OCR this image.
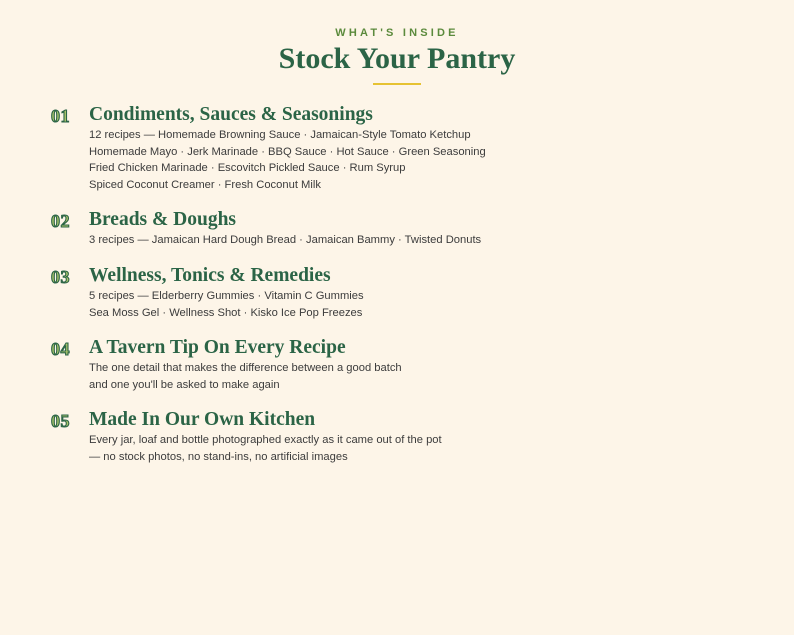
WHAT'S INSIDE
Stock Your Pantry
01 Condiments, Sauces & Seasonings
12 recipes — Homemade Browning Sauce · Jamaican-Style Tomato Ketchup
Homemade Mayo · Jerk Marinade · BBQ Sauce · Hot Sauce · Green Seasoning
Fried Chicken Marinade · Escovitch Pickled Sauce · Rum Syrup
Spiced Coconut Creamer · Fresh Coconut Milk
02 Breads & Doughs
3 recipes — Jamaican Hard Dough Bread · Jamaican Bammy · Twisted Donuts
03 Wellness, Tonics & Remedies
5 recipes — Elderberry Gummies · Vitamin C Gummies
Sea Moss Gel · Wellness Shot · Kisko Ice Pop Freezes
04 A Tavern Tip On Every Recipe
The one detail that makes the difference between a good batch
and one you'll be asked to make again
05 Made In Our Own Kitchen
Every jar, loaf and bottle photographed exactly as it came out of the pot
— no stock photos, no stand-ins, no artificial images
